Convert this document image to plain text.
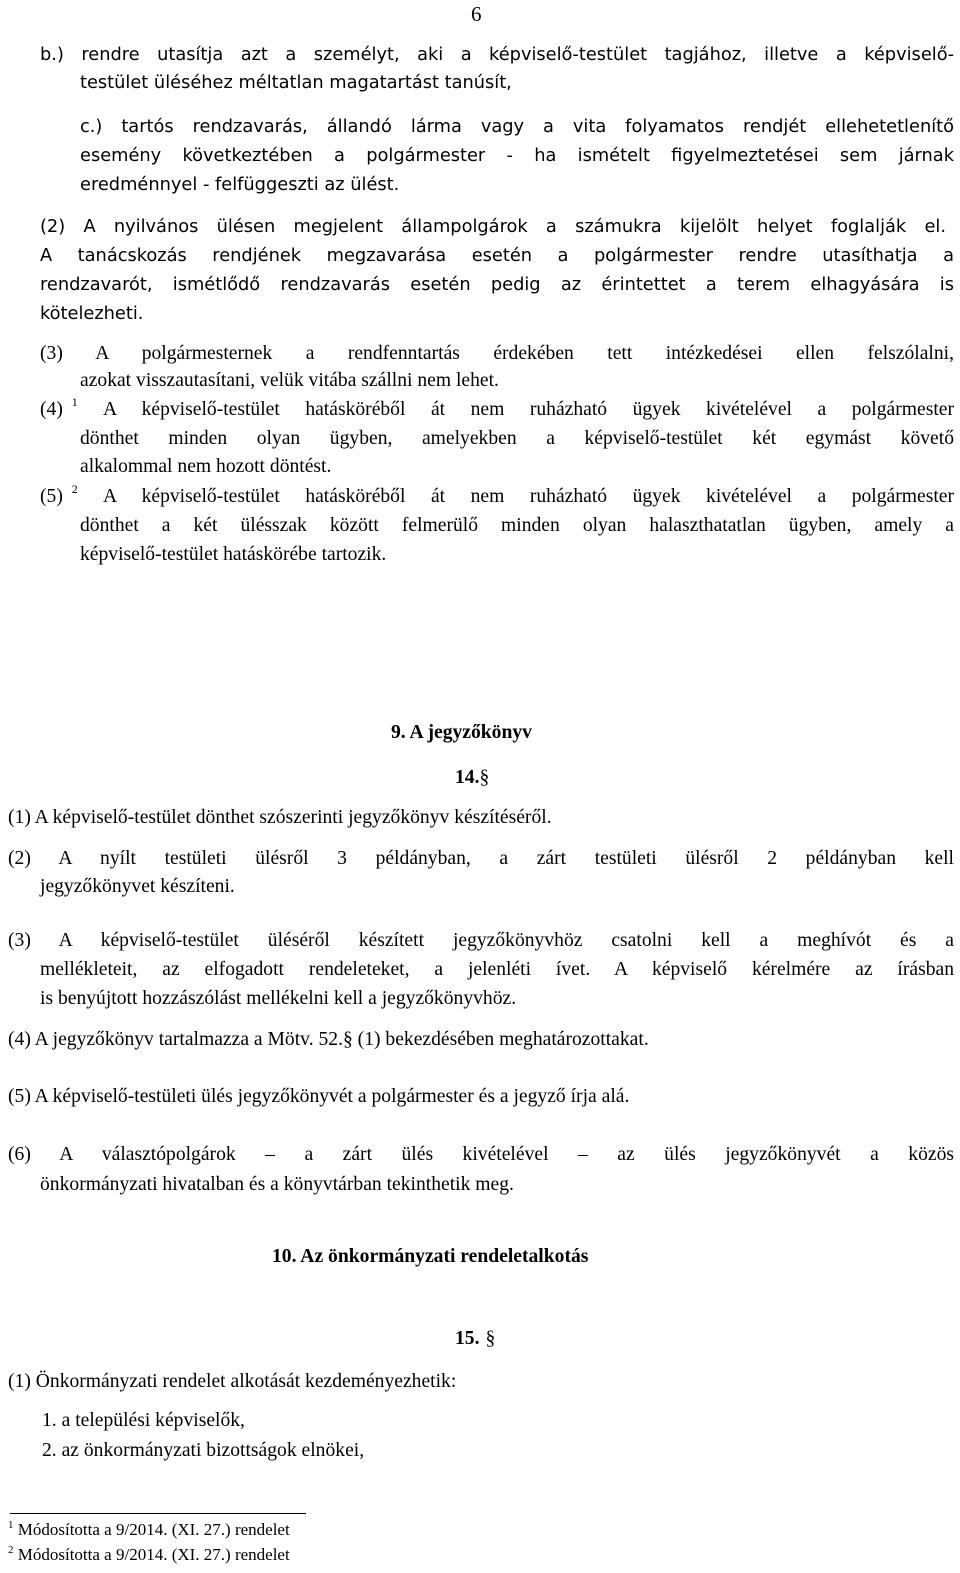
6
b.) rendre utasítja azt a személyt, aki a képviselő-testület tagjához, illetve a képviselő-
testület üléséhez méltatlan magatartást tanúsít,
c.) tartós rendzavarás, állandó lárma vagy a vita folyamatos rendjét ellehetetlenítő
esemény következtében a polgármester - ha ismételt figyelmeztetései sem járnak
eredménnyel - felfüggeszti az ülést.
(2) A nyilvános ülésen megjelent állampolgárok a számukra kijelölt helyet foglalják el.
A tanácskozás rendjének megzavarása esetén a polgármester rendre utasíthatja a
rendzavarót, ismétlődő rendzavarás esetén pedig az érintettet a terem elhagyására is
kötelezheti.
(3) A polgármesternek a rendfenntartás érdekében tett intézkedései ellen felszólalni,
azokat visszautasítani, velük vitába szállni nem lehet.
(4) $^1$ A képviselő-testület hatásköréből át nem ruházható ügyek kivételével a polgármester
dönthet minden olyan ügyben, amelyekben a képviselő-testület két egymást követő
alkalommal nem hozott döntést.
(5) $^2$ A képviselő-testület hatásköréből át nem ruházható ügyek kivételével a polgármester
dönthet a két ülésszak között felmerülő minden olyan halaszthatatlan ügyben, amely a
képviselő-testület hatáskörébe tartozik.
9. A jegyzőkönyv
14.§
(1) A képviselő-testület dönthet szószerinti jegyzőkönyv készítéséről.
(2) A nyílt testületi ülésről 3 példányban, a zárt testületi ülésről 2 példányban kell
jegyzőkönyvet készíteni.
(3) A képviselő-testület üléséről készített jegyzőkönyvhöz csatolni kell a meghívót és a
mellékleteit, az elfogadott rendeleteket, a jelenléti ívet. A képviselő kérelmére az írásban
is benyújtott hozzászólást mellékelni kell a jegyzőkönyvhöz.
(4) A jegyzőkönyv tartalmazza a Mötv. 52.§ (1) bekezdésében meghatározottakat.
(5) A képviselő-testületi ülés jegyzőkönyvét a polgármester és a jegyző írja alá.
(6) A választópolgárok – a zárt ülés kivételével – az ülés jegyzőkönyvét a közös
önkormányzati hivatalban és a könyvtárban tekinthetik meg.
10. Az önkormányzati rendeletalkotás
15. §
(1) Önkormányzati rendelet alkotását kezdeményezhetik:
1. a települési képviselők,
2. az önkormányzati bizottságok elnökei,
$^1$ Módosította a 9/2014. (XI. 27.) rendelet
$^2$ Módosította a 9/2014. (XI. 27.) rendelet
